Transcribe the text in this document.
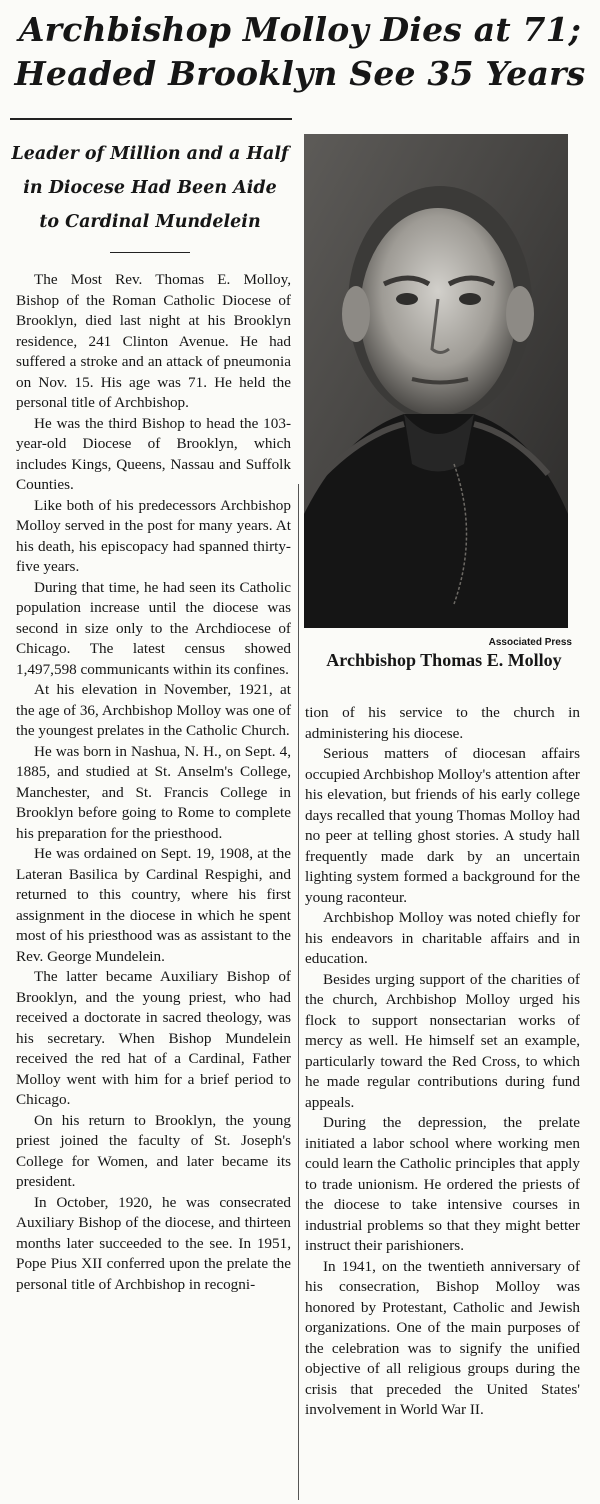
Archbishop Molloy Dies at 71;
Headed Brooklyn See 35 Years
Leader of Million and a Half
in Diocese Had Been Aide
to Cardinal Mundelein
Associated Press
Archbishop Thomas E. Molloy

The Most Rev. Thomas E. Molloy, Bishop of the Roman Catholic Diocese of Brooklyn, died last night at his Brooklyn residence, 241 Clinton Avenue. He had suffered a stroke and an attack of pneumonia on Nov. 15. His age was 71. He held the personal title of Archbishop.

He was the third Bishop to head the 103-year-old Diocese of Brooklyn, which includes Kings, Queens, Nassau and Suffolk Counties.

Like both of his predecessors Archbishop Molloy served in the post for many years. At his death, his episcopacy had spanned thirty-five years.

During that time, he had seen its Catholic population increase until the diocese was second in size only to the Archdiocese of Chicago. The latest census showed 1,497,598 communicants within its confines.

At his elevation in November, 1921, at the age of 36, Archbishop Molloy was one of the youngest prelates in the Catholic Church.

He was born in Nashua, N. H., on Sept. 4, 1885, and studied at St. Anselm's College, Manchester, and St. Francis College in Brooklyn before going to Rome to complete his preparation for the priesthood.

He was ordained on Sept. 19, 1908, at the Lateran Basilica by Cardinal Respighi, and returned to this country, where his first assignment in the diocese in which he spent most of his priesthood was as assistant to the Rev. George Mundelein.

The latter became Auxiliary Bishop of Brooklyn, and the young priest, who had received a doctorate in sacred theology, was his secretary. When Bishop Mundelein received the red hat of a Cardinal, Father Molloy went with him for a brief period to Chicago.

On his return to Brooklyn, the young priest joined the faculty of St. Joseph's College for Women, and later became its president.

In October, 1920, he was consecrated Auxiliary Bishop of the diocese, and thirteen months later succeeded to the see. In 1951, Pope Pius XII conferred upon the prelate the personal title of Archbishop in recogni-

tion of his service to the church in administering his diocese.

Serious matters of diocesan affairs occupied Archbishop Molloy's attention after his elevation, but friends of his early college days recalled that young Thomas Molloy had no peer at telling ghost stories. A study hall frequently made dark by an uncertain lighting system formed a background for the young raconteur.

Archbishop Molloy was noted chiefly for his endeavors in charitable affairs and in education.

Besides urging support of the charities of the church, Archbishop Molloy urged his flock to support nonsectarian works of mercy as well. He himself set an example, particularly toward the Red Cross, to which he made regular contributions during fund appeals.

During the depression, the prelate initiated a labor school where working men could learn the Catholic principles that apply to trade unionism. He ordered the priests of the diocese to take intensive courses in industrial problems so that they might better instruct their parishioners.

In 1941, on the twentieth anniversary of his consecration, Bishop Molloy was honored by Protestant, Catholic and Jewish organizations. One of the main purposes of the celebration was to signify the unified objective of all religious groups during the crisis that preceded the United States' involvement in World War II.
